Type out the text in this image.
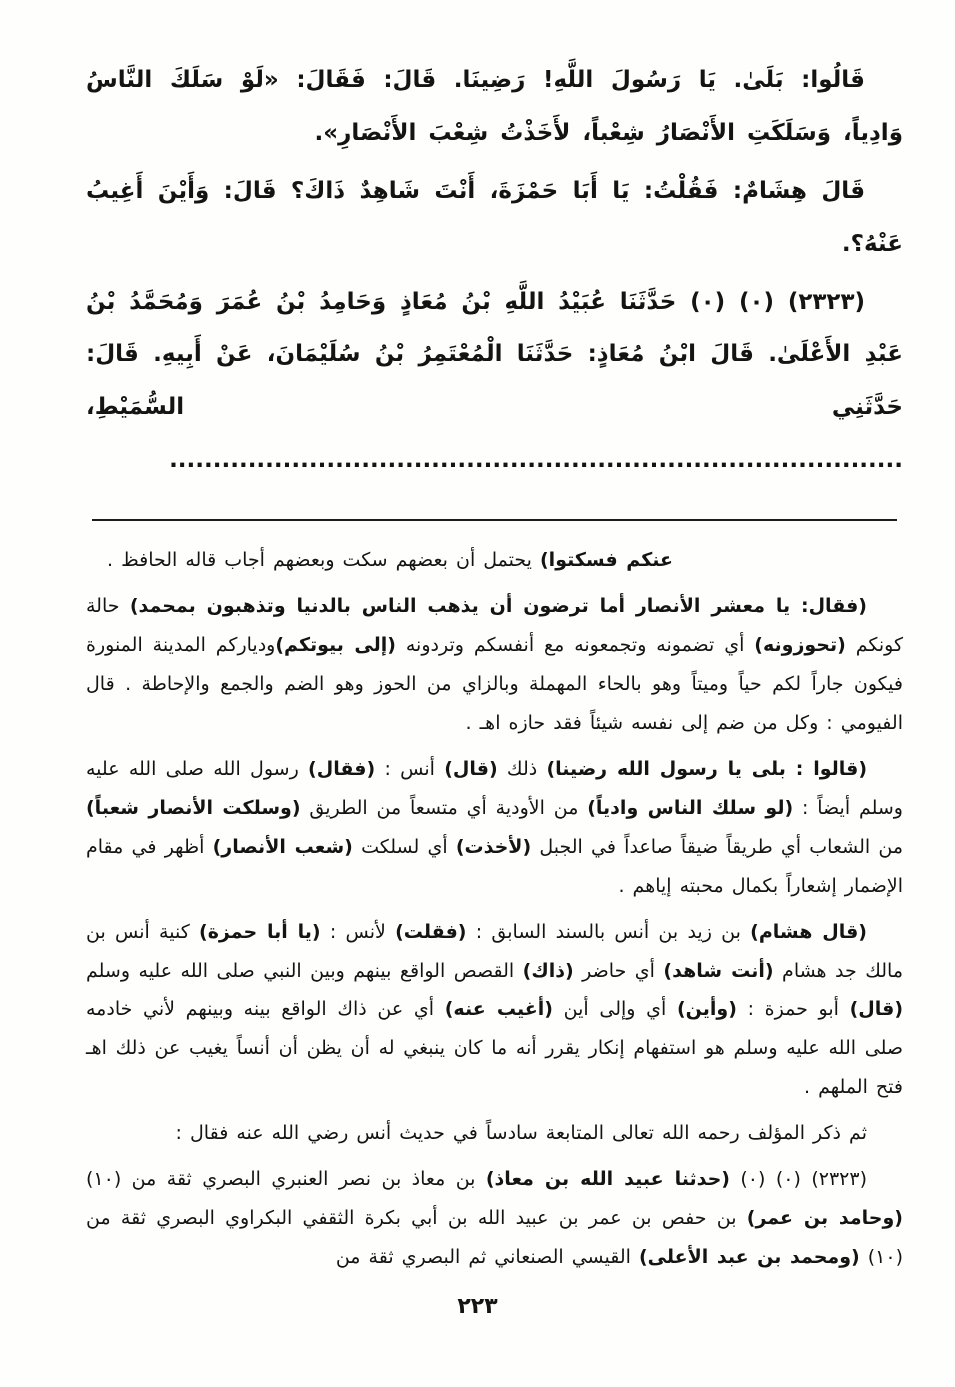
قَالُوا: بَلَىٰ. يَا رَسُولَ اللَّهِ! رَضِينَا. قَالَ: فَقَالَ: «لَوْ سَلَكَ النَّاسُ وَادِياً، وَسَلَكَتِ الأَنْصَارُ شِعْباً، لأَخَذْتُ شِعْبَ الأَنْصَارِ».

قَالَ هِشَامٌ: فَقُلْتُ: يَا أَبَا حَمْزَةَ، أَنْتَ شَاهِدٌ ذَاكَ؟ قَالَ: وَأَيْنَ أَغِيبُ عَنْهُ؟.

(٢٣٢٣) (٠) (٠) حَدَّثَنَا عُبَيْدُ اللَّهِ بْنُ مُعَاذٍ وَحَامِدُ بْنُ عُمَرَ وَمُحَمَّدُ بْنُ عَبْدِ الأَعْلَىٰ. قَالَ ابْنُ مُعَاذٍ: حَدَّثَنَا الْمُعْتَمِرُ بْنُ سُلَيْمَانَ، عَنْ أَبِيهِ. قَالَ: حَدَّثَنِي السُّمَيْطِ، ....................................................................................

عنكم فسكتوا) يحتمل أن بعضهم سكت وبعضهم أجاب قاله الحافظ .

(فقال: يا معشر الأنصار أما ترضون أن يذهب الناس بالدنيا وتذهبون بمحمد) حالة كونكم (تحوزونه) أي تضمونه وتجمعونه مع أنفسكم وتردونه (إلى بيوتكم)ودياركم المدينة المنورة فيكون جاراً لكم حياً وميتاً وهو بالحاء المهملة وبالزاي من الحوز وهو الضم والجمع والإحاطة . قال الفيومي : وكل من ضم إلى نفسه شيئاً فقد حازه اهـ .

(قالوا : بلى يا رسول الله رضينا) ذلك (قال) أنس : (فقال) رسول الله صلى الله عليه وسلم أيضاً : (لو سلك الناس وادياً) من الأودية أي متسعاً من الطريق (وسلكت الأنصار شعباً) من الشعاب أي طريقاً ضيقاً صاعداً في الجبل (لأخذت) أي لسلكت (شعب الأنصار) أظهر في مقام الإضمار إشعاراً بكمال محبته إياهم .

(قال هشام) بن زيد بن أنس بالسند السابق : (فقلت) لأنس : (يا أبا حمزة) كنية أنس بن مالك جد هشام (أنت شاهد) أي حاضر (ذاك) القصص الواقع بينهم وبين النبي صلى الله عليه وسلم (قال) أبو حمزة : (وأين) أي وإلى أين (أغيب عنه) أي عن ذاك الواقع بينه وبينهم لأني خادمه صلى الله عليه وسلم هو استفهام إنكار يقرر أنه ما كان ينبغي له أن يظن أن أنساً يغيب عن ذلك اهـ فتح الملهم .

ثم ذكر المؤلف رحمه الله تعالى المتابعة سادساً في حديث أنس رضي الله عنه فقال :

(٢٣٢٣) (٠) (٠) (حدثنا عبيد الله بن معاذ) بن معاذ بن نصر العنبري البصري ثقة من (١٠) (وحامد بن عمر) بن حفص بن عمر بن عبيد الله بن أبي بكرة الثقفي البكراوي البصري ثقة من (١٠) (ومحمد بن عبد الأعلى) القيسي الصنعاني ثم البصري ثقة من

٢٢٣
